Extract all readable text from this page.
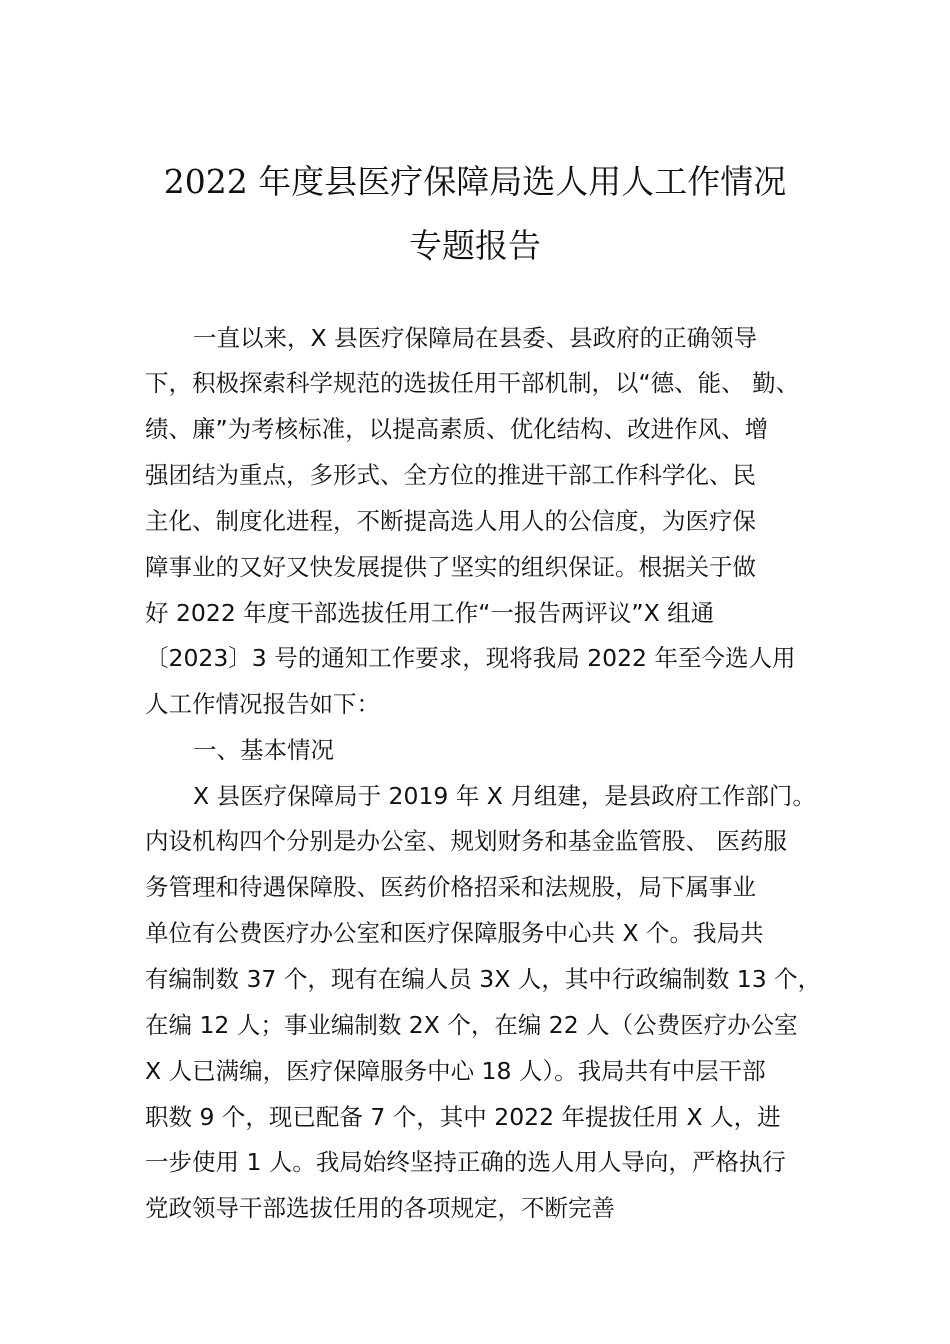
2022 年度县医疗保障局选人用人工作情况
专题报告

一直以来，X 县医疗保障局在县委、县政府的正确领导

下，积极探索科学规范的选拔任用干部机制，以“德、能、 勤、

绩、廉”为考核标准，以提高素质、优化结构、改进作风、增

强团结为重点，多形式、全方位的推进干部工作科学化、民

主化、制度化进程，不断提高选人用人的公信度，为医疗保

障事业的又好又快发展提供了坚实的组织保证。根据关于做

好 2022 年度干部选拔任用工作“一报告两评议”X 组通

〔2023〕3 号的通知工作要求，现将我局 2022 年至今选人用

人工作情况报告如下：

一、基本情况

X 县医疗保障局于 2019 年 X 月组建，是县政府工作部门。

内设机构四个分别是办公室、规划财务和基金监管股、 医药服

务管理和待遇保障股、医药价格招采和法规股，局下属事业

单位有公费医疗办公室和医疗保障服务中心共 X 个。我局共

有编制数 37 个，现有在编人员 3X 人，其中行政编制数 13 个，

在编 12 人；事业编制数 2X 个，在编 22 人（公费医疗办公室

X 人已满编，医疗保障服务中心 18 人）。我局共有中层干部

职数 9 个，现已配备 7 个，其中 2022 年提拔任用 X 人，进

一步使用 1 人。我局始终坚持正确的选人用人导向，严格执行

党政领导干部选拔任用的各项规定，不断完善
